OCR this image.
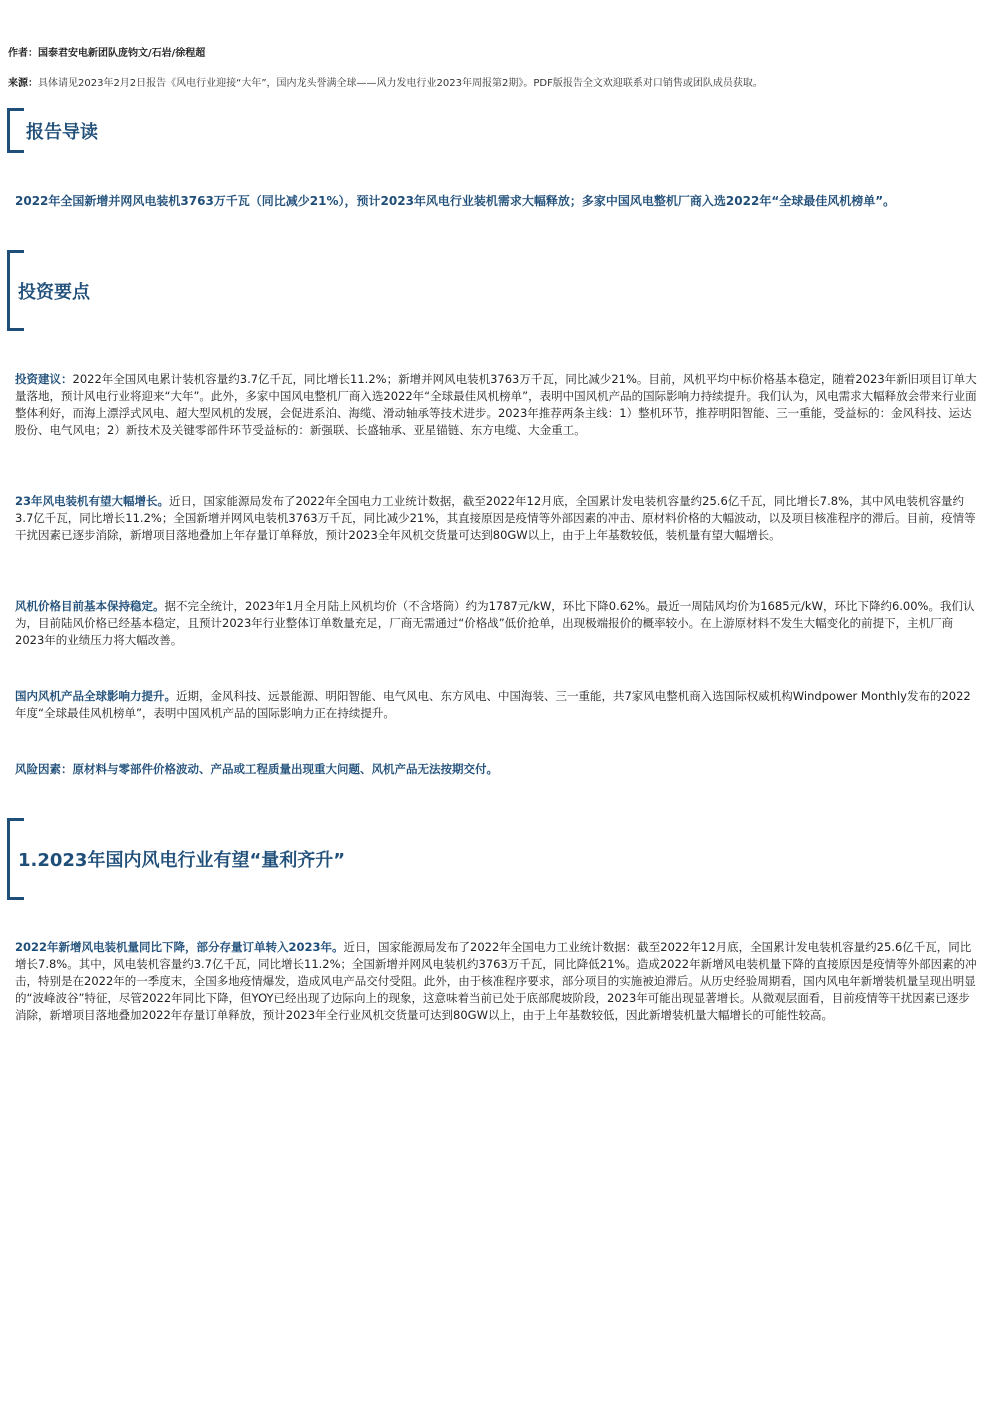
作者：国泰君安电新团队庞钧文/石岩/徐程超
来源：具体请见2023年2月2日报告《风电行业迎接“大年”，国内龙头誉满全球——风力发电行业2023年周报第2期》。PDF版报告全文欢迎联系对口销售或团队成员获取。
报告导读
2022年全国新增并网风电装机3763万千瓦（同比减少21%），预计2023年风电行业装机需求大幅释放；多家中国风电整机厂商入选2022年“全球最佳风机榜单”。
投资要点
投资建议：2022年全国风电累计装机容量约3.7亿千瓦，同比增长11.2%；新增并网风电装机3763万千瓦，同比减少21%。目前，风机平均中标价格基本稳定，随着2023年新旧项目订单大量落地，预计风电行业将迎来“大年”。此外，多家中国风电整机厂商入选2022年“全球最佳风机榜单”，表明中国风机产品的国际影响力持续提升。我们认为，风电需求大幅释放会带来行业面整体利好，而海上漂浮式风电、超大型风机的发展，会促进系泊、海缆、滑动轴承等技术进步。2023年推荐两条主线：1）整机环节，推荐明阳智能、三一重能，受益标的：金风科技、运达股份、电气风电；2）新技术及关键零部件环节受益标的：新强联、长盛轴承、亚星锚链、东方电缆、大金重工。
23年风电装机有望大幅增长。近日，国家能源局发布了2022年全国电力工业统计数据，截至2022年12月底，全国累计发电装机容量约25.6亿千瓦，同比增长7.8%，其中风电装机容量约3.7亿千瓦，同比增长11.2%；全国新增并网风电装机3763万千瓦，同比减少21%，其直接原因是疫情等外部因素的冲击、原材料价格的大幅波动，以及项目核准程序的滞后。目前，疫情等干扰因素已逐步消除，新增项目落地叠加上年存量订单释放，预计2023全年风机交货量可达到80GW以上，由于上年基数较低，装机量有望大幅增长。
风机价格目前基本保持稳定。据不完全统计，2023年1月全月陆上风机均价（不含塔筒）约为1787元/kW，环比下降0.62%。最近一周陆风均价为1685元/kW，环比下降约6.00%。我们认为，目前陆风价格已经基本稳定，且预计2023年行业整体订单数量充足，厂商无需通过“价格战”低价抢单，出现极端报价的概率较小。在上游原材料不发生大幅变化的前提下，主机厂商2023年的业绩压力将大幅改善。
国内风机产品全球影响力提升。近期，金风科技、远景能源、明阳智能、电气风电、东方风电、中国海装、三一重能，共7家风电整机商入选国际权威机构Windpower Monthly发布的2022年度“全球最佳风机榜单”，表明中国风机产品的国际影响力正在持续提升。
风险因素：原材料与零部件价格波动、产品或工程质量出现重大问题、风机产品无法按期交付。
1.2023年国内风电行业有望“量利齐升”
2022年新增风电装机量同比下降，部分存量订单转入2023年。近日，国家能源局发布了2022年全国电力工业统计数据：截至2022年12月底，全国累计发电装机容量约25.6亿千瓦，同比增长7.8%。其中，风电装机容量约3.7亿千瓦，同比增长11.2%；全国新增并网风电装机约3763万千瓦，同比降低21%。造成2022年新增风电装机量下降的直接原因是疫情等外部因素的冲击，特别是在2022年的一季度末，全国多地疫情爆发，造成风电产品交付受阻。此外，由于核准程序要求，部分项目的实施被迫滞后。从历史经验周期看，国内风电年新增装机量呈现出明显的“波峰波谷”特征，尽管2022年同比下降，但YOY已经出现了边际向上的现象，这意味着当前已处于底部爬坡阶段，2023年可能出现显著增长。从微观层面看，目前疫情等干扰因素已逐步消除，新增项目落地叠加2022年存量订单释放，预计2023年全行业风机交货量可达到80GW以上，由于上年基数较低，因此新增装机量大幅增长的可能性较高。
